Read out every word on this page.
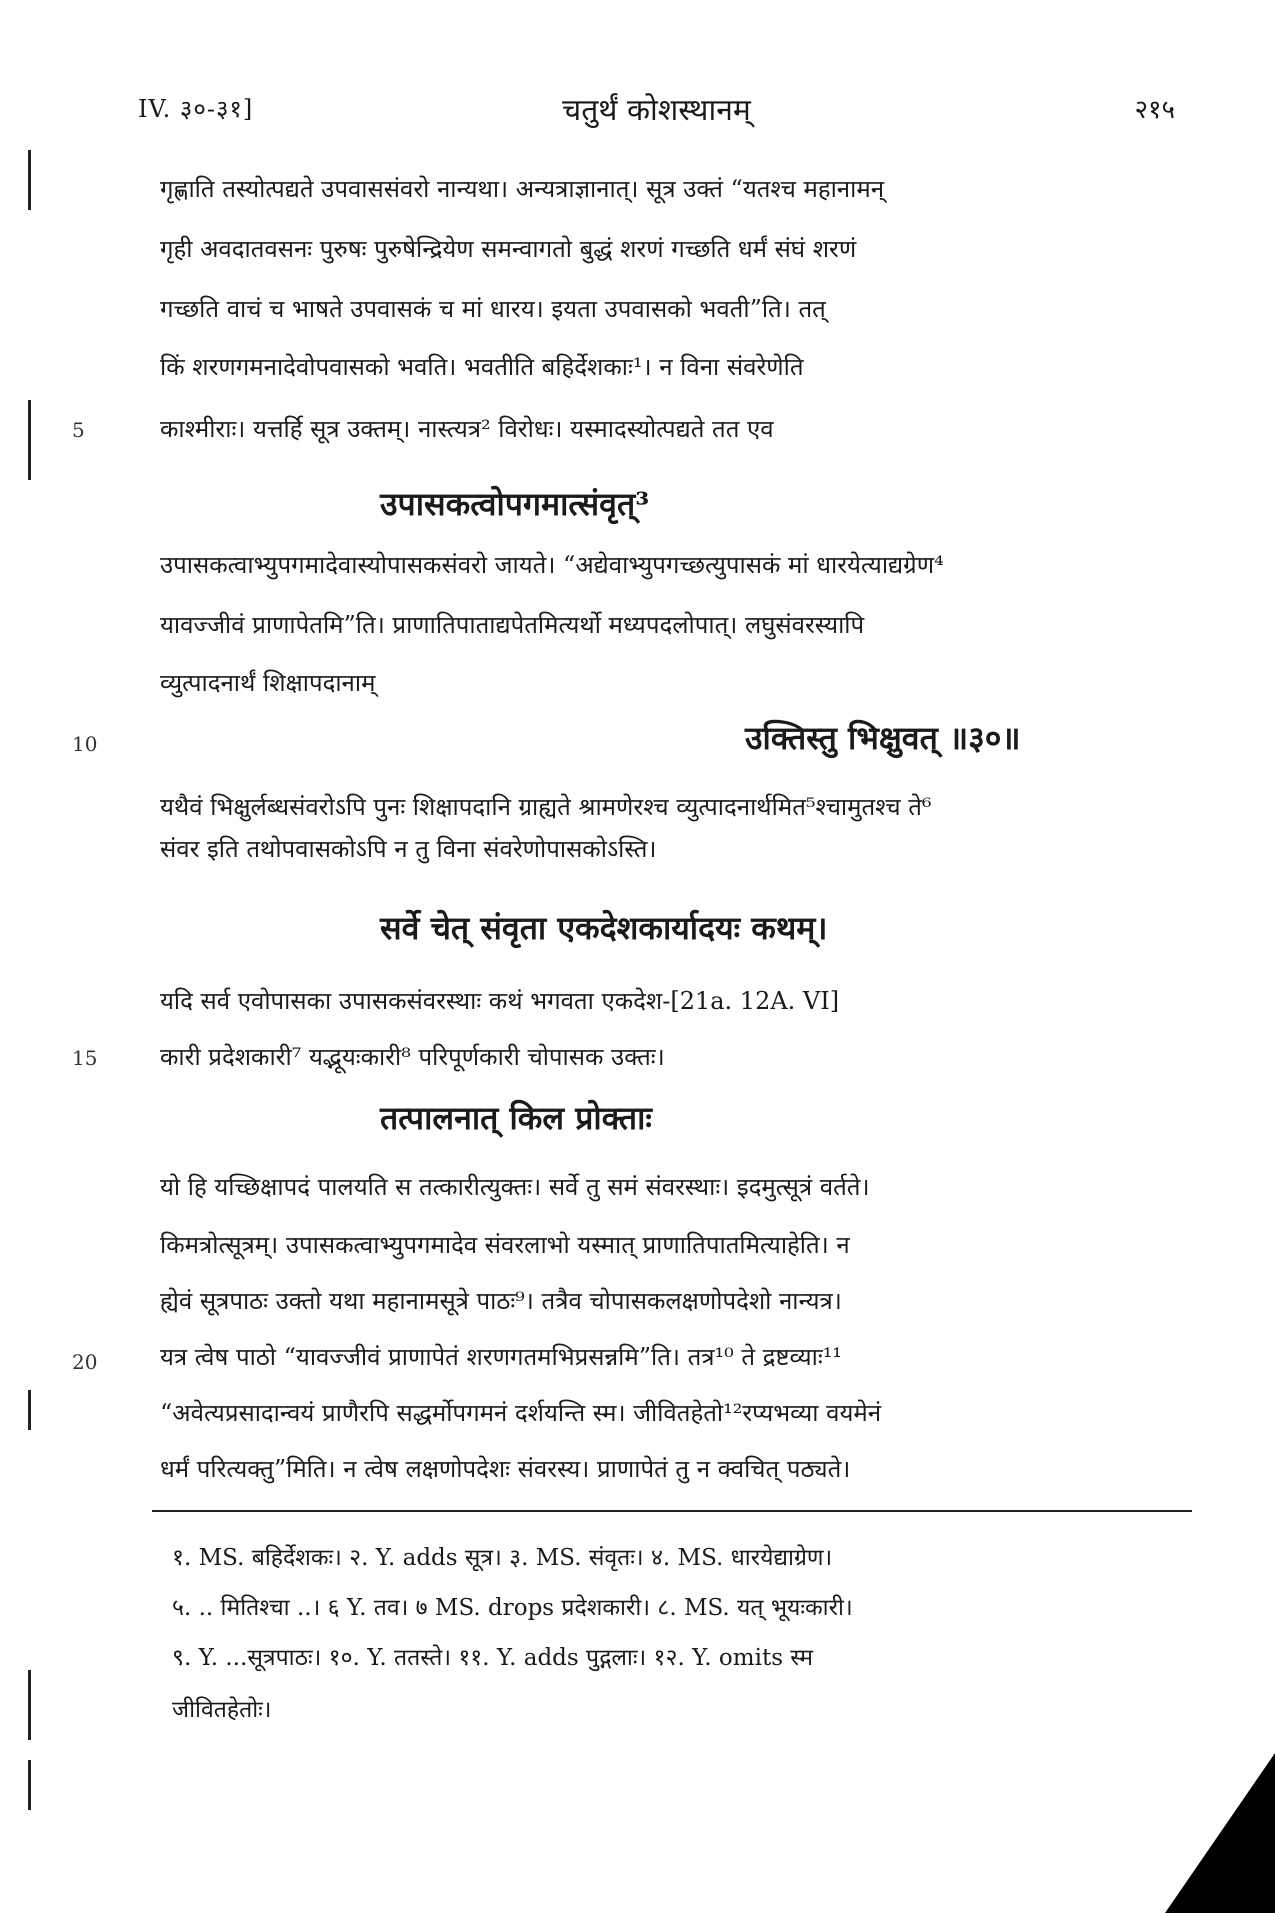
IV. ३०-३१]	चतुर्थं कोशस्थानम्	२१५
गृह्णाति तस्योत्पद्यते उपवाससंवरो नान्यथा। अन्यत्राज्ञानात्। सूत्र उक्तं “यतश्च महानामन्
गृही अवदातवसनः पुरुषः पुरुषेन्द्रियेण समन्वागतो बुद्धं शरणं गच्छति धर्मं संघं शरणं
गच्छति वाचं च भाषते उपवासकं च मां धारय। इयता उपवासको भवती”ति। तत्
किं शरणगमनादेवोपवासको भवति। भवतीति बहिर्देशकाः¹। न विना संवरेणेति
5	काश्मीराः। यत्तर्हि सूत्र उक्तम्। नास्त्यत्र² विरोधः। यस्मादस्योत्पद्यते तत एव
उपासकत्वोपगमात्संवृत्³
उपासकत्वाभ्युपगमादेवास्योपासकसंवरो जायते। “अद्येवाभ्युपगच्छत्युपासकं मां धारयेत्याद्यग्रेण⁴
यावज्जीवं प्राणापेतमि”ति। प्राणातिपाताद्यपेतमित्यर्थो मध्यपदलोपात्। लघुसंवरस्यापि
व्युत्पादनार्थं शिक्षापदानाम्
10	उक्तिस्तु भिक्षुवत् ॥३०॥
यथैवं भिक्षुर्लब्धसंवरोऽपि पुनः शिक्षापदानि ग्राह्यते श्रामणेरश्च व्युत्पादनार्थमित⁵श्चामुतश्च ते⁶
संवर इति तथोपवासकोऽपि न तु विना संवरेणोपासकोऽस्ति।
सर्वे चेत् संवृता एकदेशकार्यादयः कथम्।
यदि सर्व एवोपासका उपासकसंवरस्थाः कथं भगवता एकदेश-[21a. 12A. VI]
15	कारी प्रदेशकारी⁷ यद्भूयःकारी⁸ परिपूर्णकारी चोपासक उक्तः।
तत्पालनात् किल प्रोक्ताः
यो हि यच्छिक्षापदं पालयति स तत्कारीत्युक्तः। सर्वे तु समं संवरस्थाः। इदमुत्सूत्रं वर्तते।
किमत्रोत्सूत्रम्। उपासकत्वाभ्युपगमादेव संवरलाभो यस्मात् प्राणातिपातमित्याहेति। न
ह्येवं सूत्रपाठः उक्तो यथा महानामसूत्रे पाठः⁹। तत्रैव चोपासकलक्षणोपदेशो नान्यत्र।
20	यत्र त्वेष पाठो “यावज्जीवं प्राणापेतं शरणगतमभिप्रसन्नमि”ति। तत्र¹⁰ ते द्रष्टव्याः¹¹
“अवेत्यप्रसादान्वयं प्राणैरपि सद्धर्मोपगमनं दर्शयन्ति स्म। जीवितहेतो¹²रप्यभव्या वयमेनं
धर्मं परित्यक्तु”मिति। न त्वेष लक्षणोपदेशः संवरस्य। प्राणापेतं तु न क्वचित् पठ्यते।
१. MS. बहिर्देशकः। २. Y. adds सूत्र। ३. MS. संवृतः। ४. MS. धारयेद्याग्रेण।
५. .. मितिश्चा ..। ६ Y. तव। ७ MS. drops प्रदेशकारी। ८. MS. यत् भूयःकारी।
९. Y. ...सूत्रपाठः। १०. Y. ततस्ते। ११. Y. adds पुद्गलाः। १२. Y. omits स्म
जीवितहेतोः।
